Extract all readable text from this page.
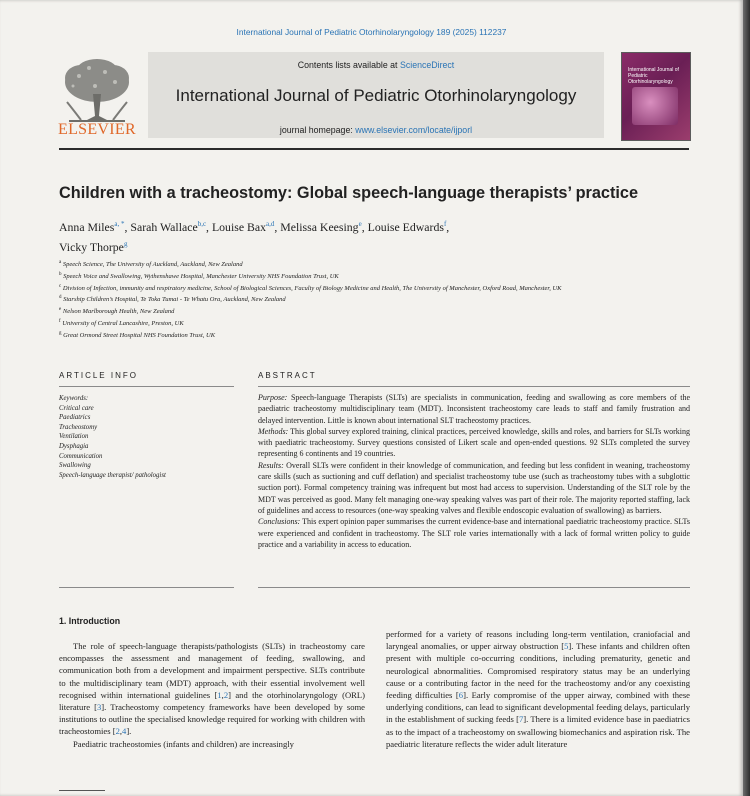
International Journal of Pediatric Otorhinolaryngology 189 (2025) 112237
ELSEVIER
Contents lists available at ScienceDirect
International Journal of Pediatric Otorhinolaryngology
journal homepage: www.elsevier.com/locate/ijporl
International Journal of Pediatric Otorhinolaryngology
Children with a tracheostomy: Global speech-language therapists’ practice
Anna Miles$^{a, *}$, Sarah Wallace$^{b,c}$, Louise Bax$^{a,d}$, Melissa Keesing$^e$, Louise Edwards$^f$,
Vicky Thorpe$^g$
$^a$ Speech Science, The University of Auckland, Auckland, New Zealand
$^b$ Speech Voice and Swallowing, Wythenshawe Hospital, Manchester University NHS Foundation Trust, UK
$^c$ Division of Infection, immunity and respiratory medicine, School of Biological Sciences, Faculty of Biology Medicine and Health, The University of Manchester, Oxford Road, Manchester, UK
$^d$ Starship Children’s Hospital, Te Toka Tumai - Te Whatu Ora, Auckland, New Zealand
$^e$ Nelson Marlborough Health, New Zealand
$^f$ University of Central Lancashire, Preston, UK
$^g$ Great Ormond Street Hospital NHS Foundation Trust, UK
ARTICLE INFO
Keywords:
Critical care
Paediatrics
Tracheostomy
Ventilation
Dysphagia
Communication
Swallowing
Speech-language therapist/ pathologist
ABSTRACT

Purpose: Speech-language Therapists (SLTs) are specialists in communication, feeding and swallowing as core members of the paediatric tracheostomy multidisciplinary team (MDT). Inconsistent tracheostomy care leads to staff and family frustration and delayed intervention. Little is known about international SLT tracheostomy practices.

Methods: This global survey explored training, clinical practices, perceived knowledge, skills and roles, and barriers for SLTs working with paediatric tracheostomy. Survey questions consisted of Likert scale and open-ended questions. 92 SLTs completed the survey representing 6 continents and 19 countries.

Results: Overall SLTs were confident in their knowledge of communication, and feeding but less confident in weaning, tracheostomy care skills (such as suctioning and cuff deflation) and specialist tracheostomy tube use (such as tracheostomy tubes with a subglottic suction port). Formal competency training was infrequent but most had access to supervision. Understanding of the SLT role by the MDT was perceived as good. Many felt managing one-way speaking valves was part of their role. The majority reported staffing, lack of guidelines and access to resources (one-way speaking valves and flexible endoscopic evaluation of swallowing) as barriers.

Conclusions: This expert opinion paper summarises the current evidence-base and international paediatric tracheostomy practice. SLTs were experienced and confident in tracheostomy. The SLT role varies internationally with a lack of formal written policy to guide practice and a variability in access to education.

1. Introduction

The role of speech-language therapists/pathologists (SLTs) in tracheostomy care encompasses the assessment and management of feeding, swallowing, and communication both from a development and impairment perspective. SLTs contribute to the multidisciplinary team (MDT) approach, with their essential involvement well recognised within international guidelines [1,2] and the otorhinolaryngology (ORL) literature [3]. Tracheostomy competency frameworks have been developed by some institutions to outline the specialised knowledge required for working with children with tracheostomies [2,4].

Paediatric tracheostomies (infants and children) are increasingly

performed for a variety of reasons including long-term ventilation, craniofacial and laryngeal anomalies, or upper airway obstruction [5]. These infants and children often present with multiple co-occurring conditions, including prematurity, genetic and neurological abnormalities. Compromised respiratory status may be an underlying cause or a contributing factor in the need for the tracheostomy and/or any coexisting feeding difficulties [6]. Early compromise of the upper airway, combined with these underlying conditions, can lead to significant developmental feeding delays, particularly in the establishment of sucking feeds [7]. There is a limited evidence base in paediatrics as to the impact of a tracheostomy on swallowing biomechanics and aspiration risk. The paediatric literature reflects the wider adult literature
